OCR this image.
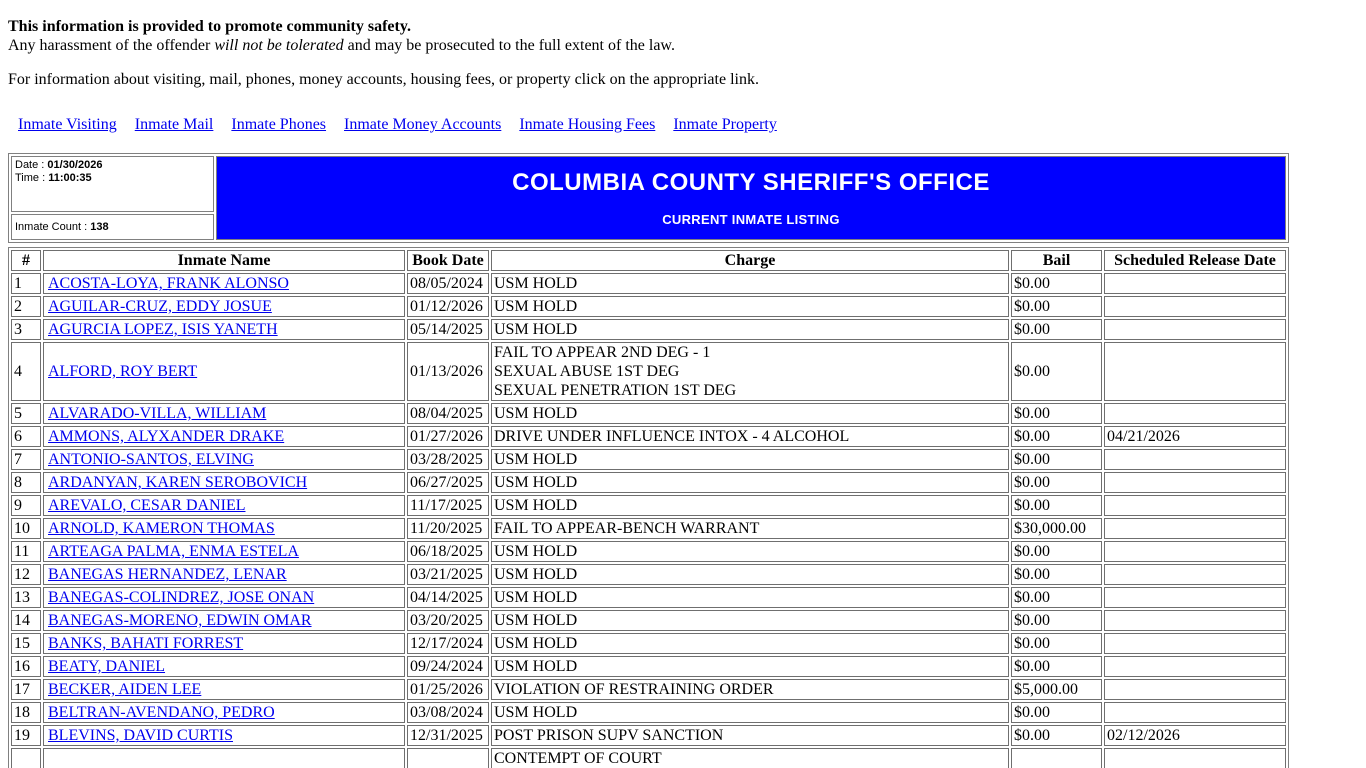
This information is provided to promote community safety.
Any harassment of the offender will not be tolerated and may be prosecuted to the full extent of the law.
For information about visiting, mail, phones, money accounts, housing fees, or property click on the appropriate link.
Inmate Visiting Inmate Mail Inmate Phones Inmate Money Accounts Inmate Housing Fees Inmate Property
Date : 01/30/2026
Time : 11:00:35	COLUMBIA COUNTY SHERIFF'S OFFICE
CURRENT INMATE LISTING

Inmate Count : 138
#	Inmate Name	Book Date	Charge	Bail	Scheduled Release Date
1	ACOSTA-LOYA, FRANK ALONSO	08/05/2024	USM HOLD	$0.00	
2	AGUILAR-CRUZ, EDDY JOSUE	01/12/2026	USM HOLD	$0.00	
3	AGURCIA LOPEZ, ISIS YANETH	05/14/2025	USM HOLD	$0.00	
4	ALFORD, ROY BERT	01/13/2026	FAIL TO APPEAR 2ND DEG - 1
SEXUAL ABUSE 1ST DEG
SEXUAL PENETRATION 1ST DEG	$0.00	
5	ALVARADO-VILLA, WILLIAM	08/04/2025	USM HOLD	$0.00	
6	AMMONS, ALYXANDER DRAKE	01/27/2026	DRIVE UNDER INFLUENCE INTOX - 4 ALCOHOL	$0.00	04/21/2026
7	ANTONIO-SANTOS, ELVING	03/28/2025	USM HOLD	$0.00	
8	ARDANYAN, KAREN SEROBOVICH	06/27/2025	USM HOLD	$0.00	
9	AREVALO, CESAR DANIEL	11/17/2025	USM HOLD	$0.00	
10	ARNOLD, KAMERON THOMAS	11/20/2025	FAIL TO APPEAR-BENCH WARRANT	$30,000.00	
11	ARTEAGA PALMA, ENMA ESTELA	06/18/2025	USM HOLD	$0.00	
12	BANEGAS HERNANDEZ, LENAR	03/21/2025	USM HOLD	$0.00	
13	BANEGAS-COLINDREZ, JOSE ONAN	04/14/2025	USM HOLD	$0.00	
14	BANEGAS-MORENO, EDWIN OMAR	03/20/2025	USM HOLD	$0.00	
15	BANKS, BAHATI FORREST	12/17/2024	USM HOLD	$0.00	
16	BEATY, DANIEL	09/24/2024	USM HOLD	$0.00	
17	BECKER, AIDEN LEE	01/25/2026	VIOLATION OF RESTRAINING ORDER	$5,000.00	
18	BELTRAN-AVENDANO, PEDRO	03/08/2024	USM HOLD	$0.00	
19	BLEVINS, DAVID CURTIS	12/31/2025	POST PRISON SUPV SANCTION	$0.00	02/12/2026

			CONTEMPT OF COURT		
